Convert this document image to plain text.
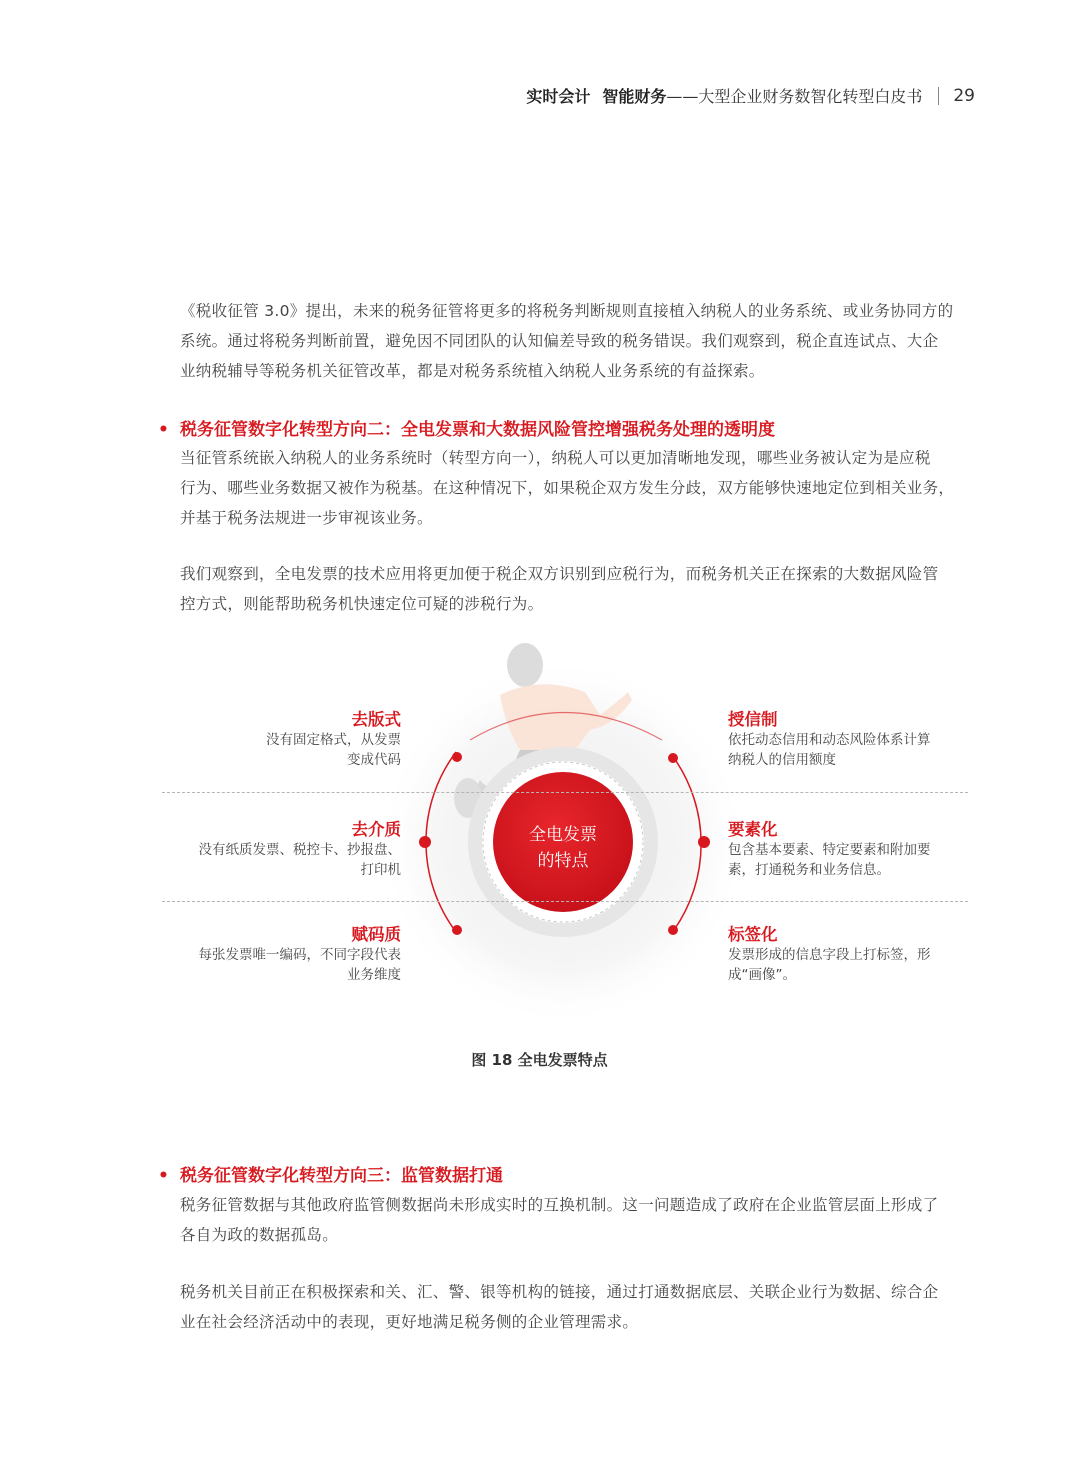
实时会计 智能财务 ——大型企业财务数智化转型白皮书 29
《税收征管 3.0》提出，未来的税务征管将更多的将税务判断规则直接植入纳税人的业务系统、或业务协同方的
系统。通过将税务判断前置，避免因不同团队的认知偏差导致的税务错误。我们观察到，税企直连试点、大企
业纳税辅导等税务机关征管改革，都是对税务系统植入纳税人业务系统的有益探索。
• 税务征管数字化转型方向二：全电发票和大数据风险管控增强税务处理的透明度
当征管系统嵌入纳税人的业务系统时（转型方向一），纳税人可以更加清晰地发现，哪些业务被认定为是应税
行为、哪些业务数据又被作为税基。在这种情况下，如果税企双方发生分歧，双方能够快速地定位到相关业务，
并基于税务法规进一步审视该业务。
我们观察到，全电发票的技术应用将更加便于税企双方识别到应税行为，而税务机关正在探索的大数据风险管
控方式，则能帮助税务机快速定位可疑的涉税行为。
全电发票
的特点
去版式
没有固定格式，从发票
变成代码
去介质
没有纸质发票、税控卡、抄报盘、
打印机
赋码质
每张发票唯一编码，不同字段代表
业务维度
授信制
依托动态信用和动态风险体系计算
纳税人的信用额度
要素化
包含基本要素、特定要素和附加要
素，打通税务和业务信息。
标签化
发票形成的信息字段上打标签，形
成“画像”。
图 18 全电发票特点
• 税务征管数字化转型方向三：监管数据打通
税务征管数据与其他政府监管侧数据尚未形成实时的互换机制。这一问题造成了政府在企业监管层面上形成了
各自为政的数据孤岛。
税务机关目前正在积极探索和关、汇、警、银等机构的链接，通过打通数据底层、关联企业行为数据、综合企
业在社会经济活动中的表现，更好地满足税务侧的企业管理需求。
